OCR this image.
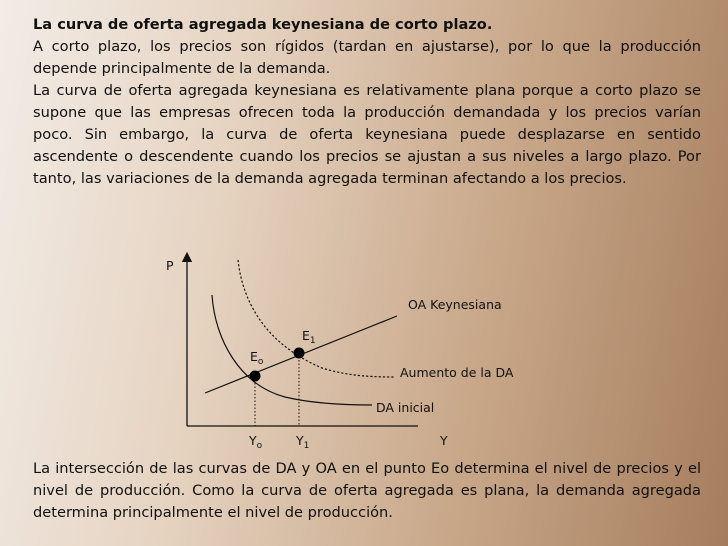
La curva de oferta agregada keynesiana de corto plazo.

A corto plazo, los precios son rígidos (tardan en ajustarse), por lo que la producción depende principalmente de la demanda.

La curva de oferta agregada keynesiana es relativamente plana porque a corto plazo se supone que las empresas ofrecen toda la producción demandada y los precios varían poco. Sin embargo, la curva de oferta keynesiana puede desplazarse en sentido ascendente o descendente cuando los precios se ajustan a sus niveles a largo plazo. Por tanto, las variaciones de la demanda agregada terminan afectando a los precios.

P
Y
OA Keynesiana
Aumento de la DA
DA inicial
$E_o$
$E_1$
$Y_o$	$Y_1$

La intersección de las curvas de DA y OA en el punto Eo determina el nivel de precios y el nivel de producción. Como la curva de oferta agregada es plana, la demanda agregada determina principalmente el nivel de producción.
